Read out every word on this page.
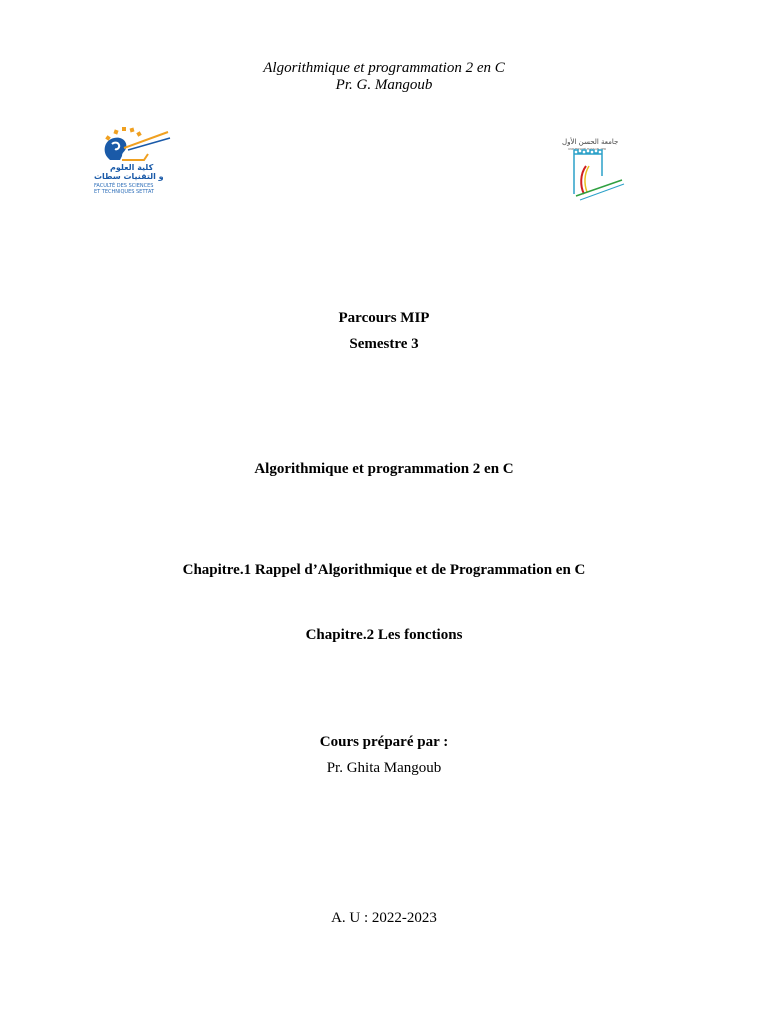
Algorithmique et programmation 2 en C
Pr. G. Mangoub
كلية العلوم
و التقنيات سطات
FACULTÉ DES SCIENCES
ET TECHNIQUES SETTAT
جامعة الحسن الأول
UNIVERSITÉ HASSAN 1ER
Parcours MIP
Semestre 3
Algorithmique et programmation 2 en C
Chapitre.1 Rappel d’Algorithmique et de Programmation en C
Chapitre.2 Les fonctions
Cours préparé par :
Pr. Ghita Mangoub
A. U : 2022-2023
